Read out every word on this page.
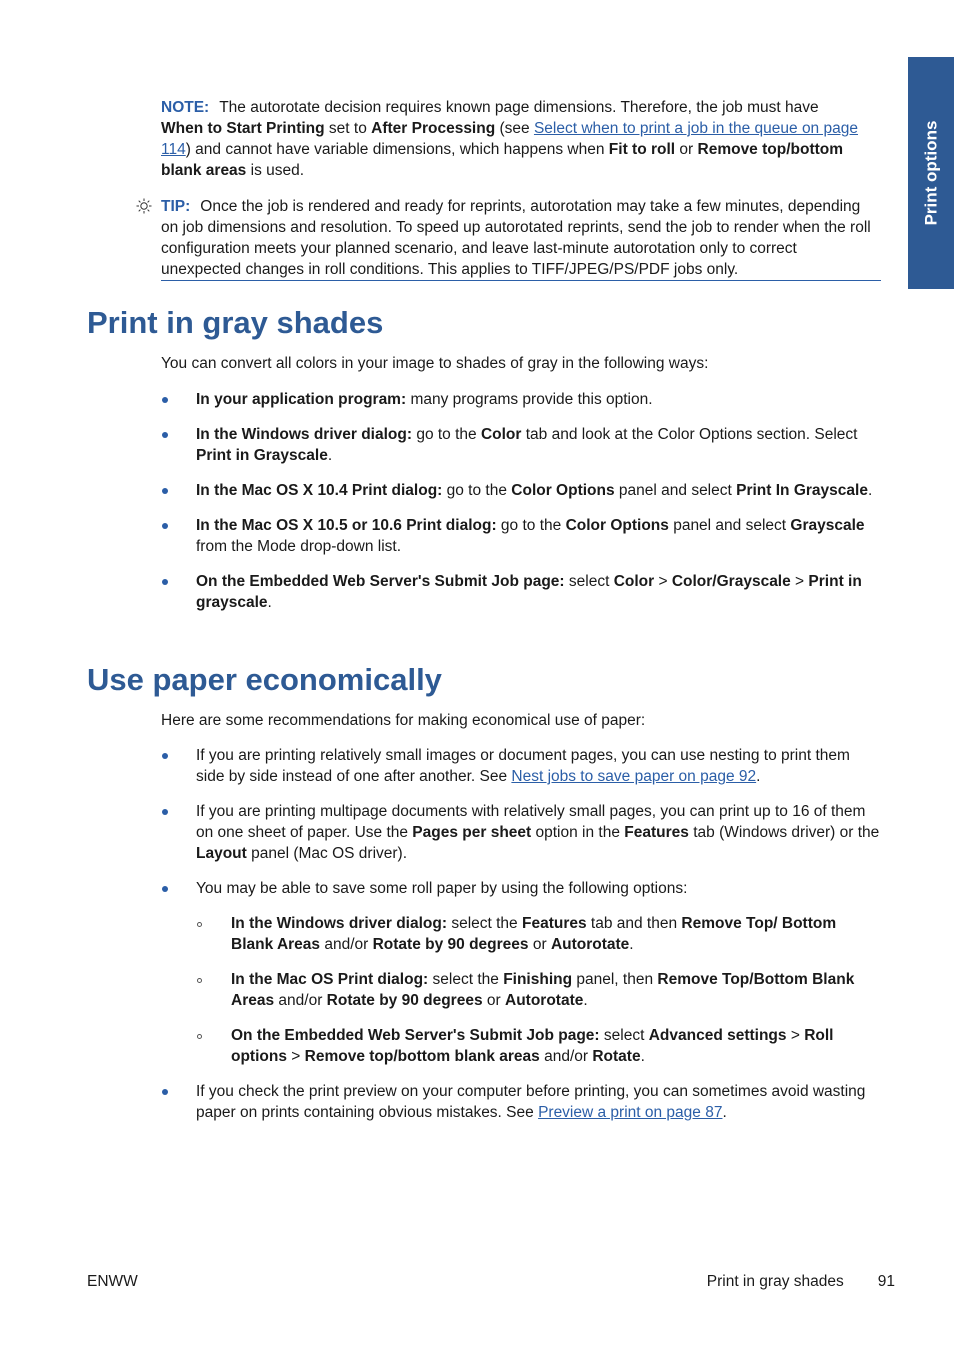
Print options
NOTE: The autorotate decision requires known page dimensions. Therefore, the job must have When to Start Printing set to After Processing (see Select when to print a job in the queue on page 114) and cannot have variable dimensions, which happens when Fit to roll or Remove top/bottom blank areas is used.
TIP: Once the job is rendered and ready for reprints, autorotation may take a few minutes, depending on job dimensions and resolution. To speed up autorotated reprints, send the job to render when the roll configuration meets your planned scenario, and leave last-minute autorotation only to correct unexpected changes in roll conditions. This applies to TIFF/JPEG/PS/PDF jobs only.
Print in gray shades

You can convert all colors in your image to shades of gray in the following ways:

In your application program: many programs provide this option.
In the Windows driver dialog: go to the Color tab and look at the Color Options section. Select Print in Grayscale.
In the Mac OS X 10.4 Print dialog: go to the Color Options panel and select Print In Grayscale.
In the Mac OS X 10.5 or 10.6 Print dialog: go to the Color Options panel and select Grayscale from the Mode drop-down list.
On the Embedded Web Server's Submit Job page: select Color > Color/Grayscale > Print in grayscale.
Use paper economically

Here are some recommendations for making economical use of paper:

If you are printing relatively small images or document pages, you can use nesting to print them side by side instead of one after another. See Nest jobs to save paper on page 92.
If you are printing multipage documents with relatively small pages, you can print up to 16 of them on one sheet of paper. Use the Pages per sheet option in the Features tab (Windows driver) or the Layout panel (Mac OS driver).
You may be able to save some roll paper by using the following options:
In the Windows driver dialog: select the Features tab and then Remove Top/ Bottom Blank Areas and/or Rotate by 90 degrees or Autorotate.
In the Mac OS Print dialog: select the Finishing panel, then Remove Top/Bottom Blank Areas and/or Rotate by 90 degrees or Autorotate.
On the Embedded Web Server's Submit Job page: select Advanced settings > Roll options > Remove top/bottom blank areas and/or Rotate.
If you check the print preview on your computer before printing, you can sometimes avoid wasting paper on prints containing obvious mistakes. See Preview a print on page 87.
ENWW	Print in gray shades 91
